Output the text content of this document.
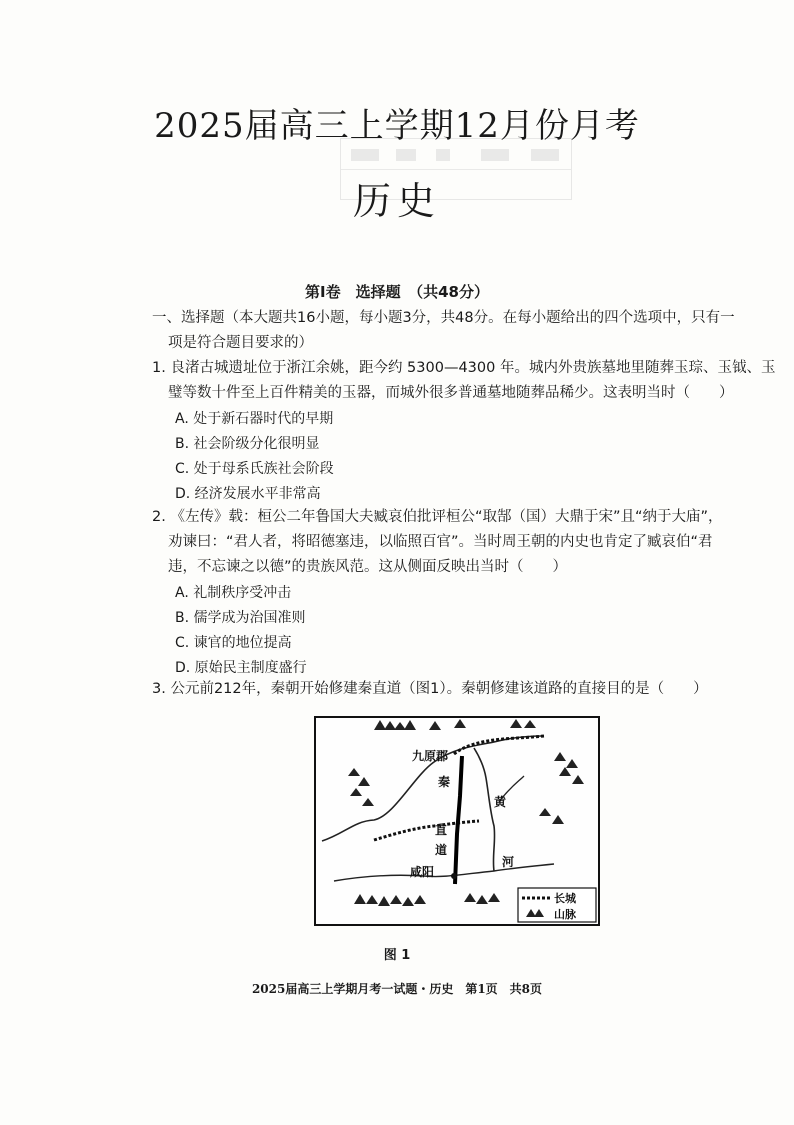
2025届高三上学期12月份月考
历史
第Ⅰ卷　选择题　（共48分）
一、选择题（本大题共16小题，每小题3分，共48分。在每小题给出的四个选项中，只有一
项是符合题目要求的）
1. 良渚古城遗址位于浙江余姚，距今约 5300—4300 年。城内外贵族墓地里随葬玉琮、玉钺、玉
璧等数十件至上百件精美的玉器，而城外很多普通墓地随葬品稀少。这表明当时（　　）
A. 处于新石器时代的早期
B. 社会阶级分化很明显
C. 处于母系氏族社会阶段
D. 经济发展水平非常高
2. 《左传》载：桓公二年鲁国大夫臧哀伯批评桓公“取郜（国）大鼎于宋”且“纳于大庙”，
劝谏曰：“君人者，将昭德塞违，以临照百官”。当时周王朝的内史也肯定了臧哀伯“君
违，不忘谏之以德”的贵族风范。这从侧面反映出当时（　　）
A. 礼制秩序受冲击
B. 儒学成为治国准则
C. 谏官的地位提高
D. 原始民主制度盛行
3. 公元前212年，秦朝开始修建秦直道（图1）。秦朝修建该道路的直接目的是（　　）
九原郡
秦
直
道
咸阳
黄
河
长城
山脉
图 1
2025届高三上学期月考一试题・历史　第1页　共8页
